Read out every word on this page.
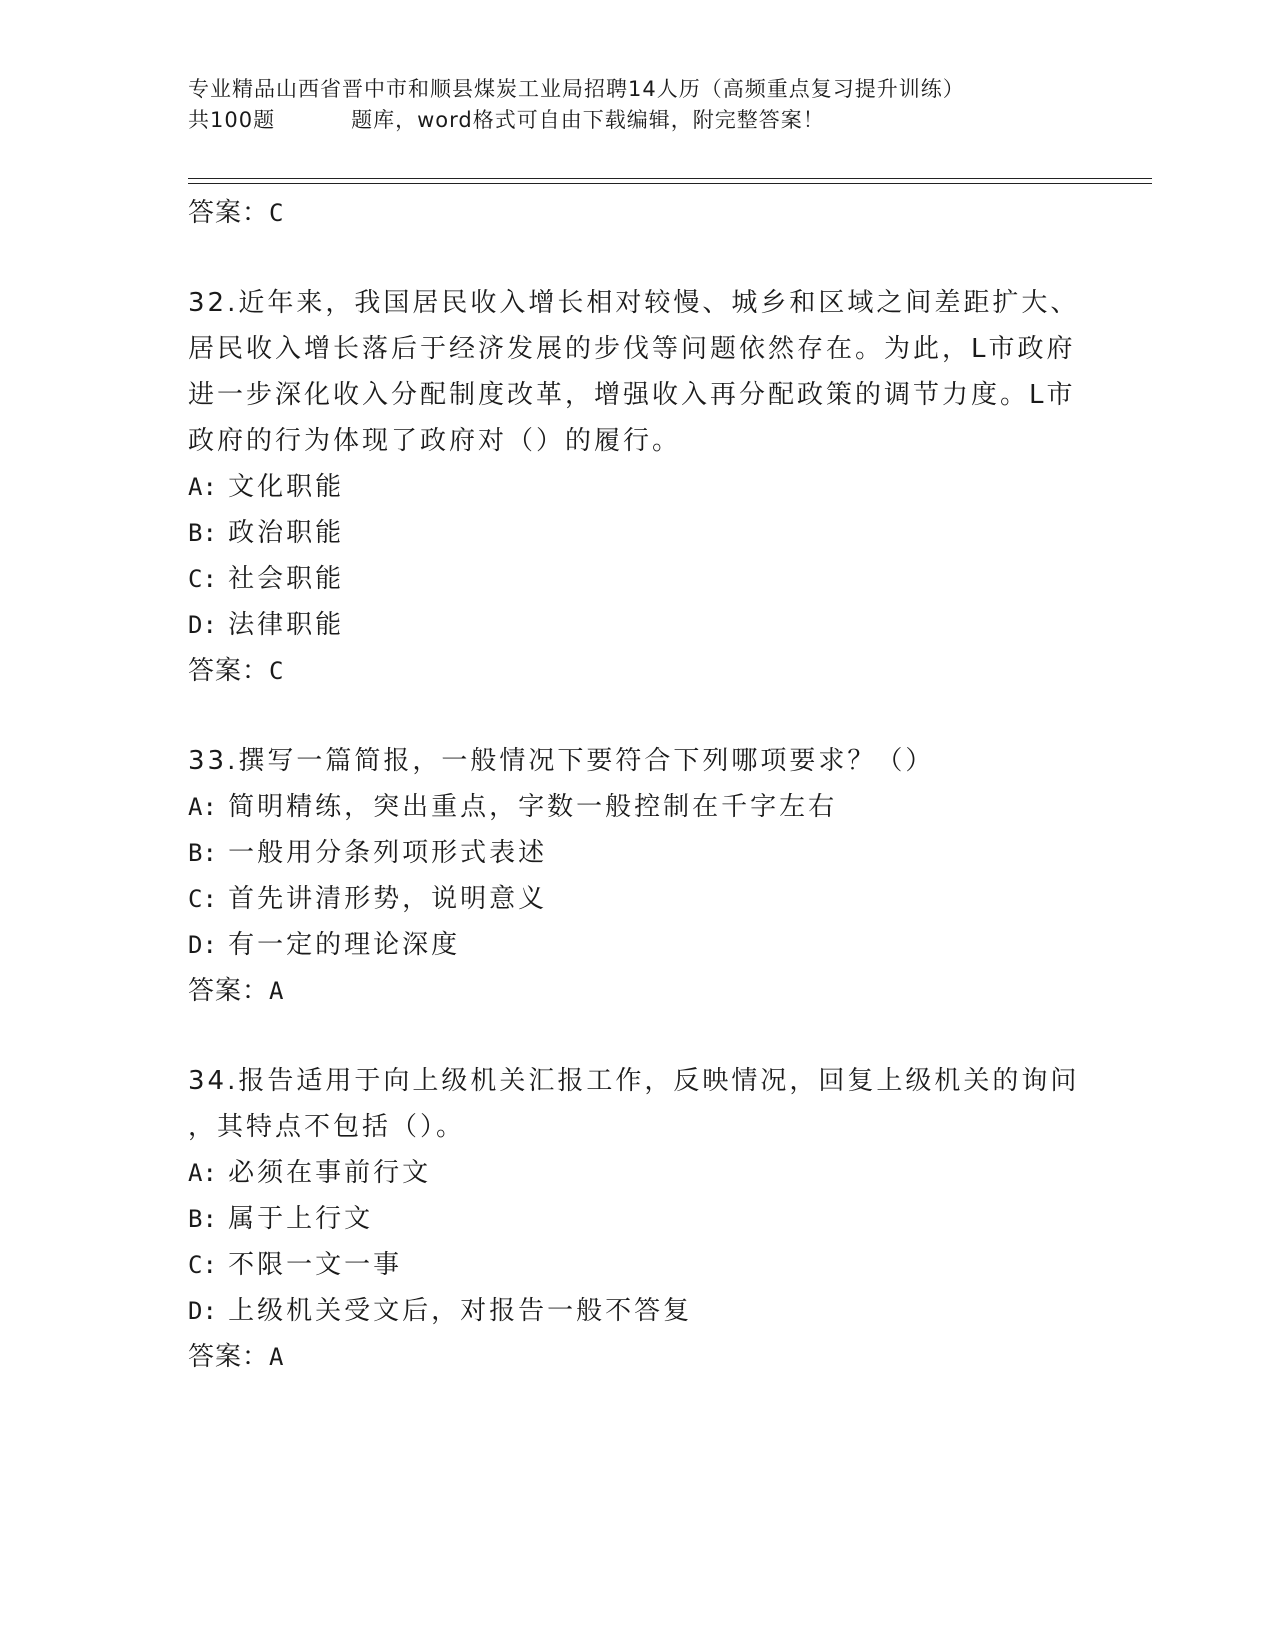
专业精品山西省晋中市和顺县煤炭工业局招聘14人历（高频重点复习提升训练）
共100题	题库，word格式可自由下载编辑，附完整答案！
答案：C
32.近年来，我国居民收入增长相对较慢、城乡和区域之间差距扩大、
居民收入增长落后于经济发展的步伐等问题依然存在。为此，L市政府
进一步深化收入分配制度改革，增强收入再分配政策的调节力度。L市
政府的行为体现了政府对（）的履行。
A: 文化职能
B: 政治职能
C: 社会职能
D: 法律职能
答案：C
33.撰写一篇简报，一般情况下要符合下列哪项要求？（）
A: 简明精练，突出重点，字数一般控制在千字左右
B: 一般用分条列项形式表述
C: 首先讲清形势，说明意义
D: 有一定的理论深度
答案：A
34.报告适用于向上级机关汇报工作，反映情况，回复上级机关的询问
，其特点不包括（）。
A: 必须在事前行文
B: 属于上行文
C: 不限一文一事
D: 上级机关受文后，对报告一般不答复
答案：A
